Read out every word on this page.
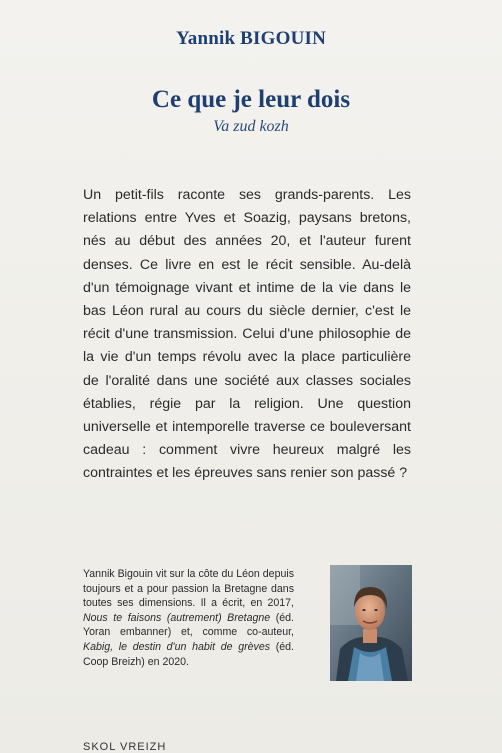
Yannik BIGOUIN
Ce que je leur dois
Va zud kozh

Un petit-fils raconte ses grands-parents. Les relations entre Yves et Soazig, paysans bretons, nés au début des années 20, et l'auteur furent denses. Ce livre en est le récit sensible. Au-delà d'un témoignage vivant et intime de la vie dans le bas Léon rural au cours du siècle dernier, c'est le récit d'une transmission. Celui d'une philosophie de la vie d'un temps révolu avec la place particulière de l'oralité dans une société aux classes sociales établies, régie par la religion. Une question universelle et intemporelle traverse ce bouleversant cadeau : comment vivre heureux malgré les contraintes et les épreuves sans renier son passé ?

Yannik Bigouin vit sur la côte du Léon depuis toujours et a pour passion la Bretagne dans toutes ses dimensions. Il a écrit, en 2017, Nous te faisons (autrement) Bretagne (éd. Yoran embanner) et, comme co-auteur, Kabig, le destin d'un habit de grèves (éd. Coop Breizh) en 2020.

SKOL VREIZH
